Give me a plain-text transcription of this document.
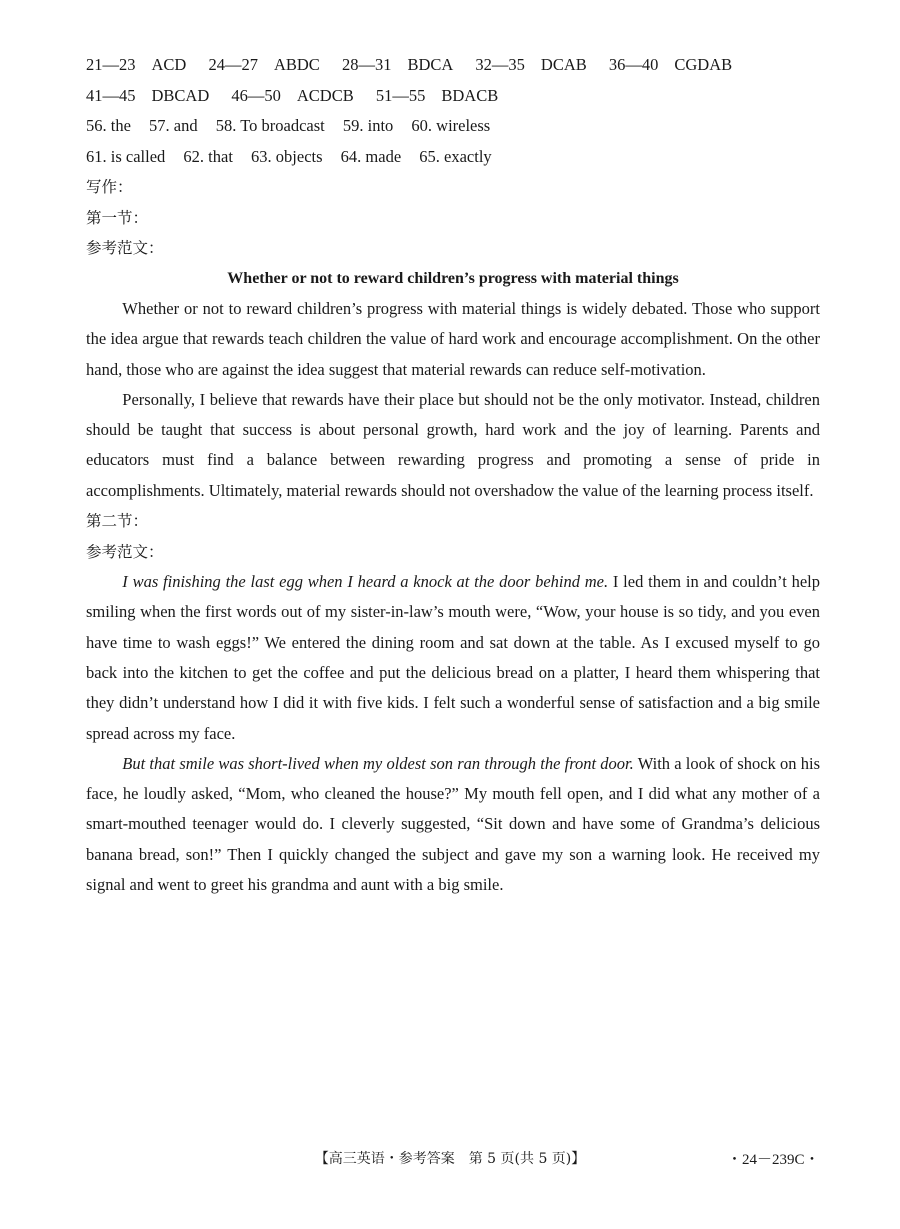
21—23 ACD 24—27 ABDC 28—31 BDCA 32—35 DCAB 36—40 CGDAB
41—45 DBCAD 46—50 ACDCB 51—55 BDACB
56. the 57. and 58. To broadcast 59. into 60. wireless
61. is called 62. that 63. objects 64. made 65. exactly
写作：
第一节：
参考范文：
Whether or not to reward children’s progress with material things

Whether or not to reward children’s progress with material things is widely debated. Those who support the idea argue that rewards teach children the value of hard work and encourage accomplishment. On the other hand, those who are against the idea suggest that material rewards can reduce self-motivation.

Personally, I believe that rewards have their place but should not be the only motivator. Instead, children should be taught that success is about personal growth, hard work and the joy of learning. Parents and educators must find a balance between rewarding progress and promoting a sense of pride in accomplishments. Ultimately, material rewards should not overshadow the value of the learning process itself.

第二节：
参考范文：

I was finishing the last egg when I heard a knock at the door behind me. I led them in and couldn’t help smiling when the first words out of my sister-in-law’s mouth were, “Wow, your house is so tidy, and you even have time to wash eggs!” We entered the dining room and sat down at the table. As I excused myself to go back into the kitchen to get the coffee and put the delicious bread on a platter, I heard them whispering that they didn’t understand how I did it with five kids. I felt such a wonderful sense of satisfaction and a big smile spread across my face.

But that smile was short-lived when my oldest son ran through the front door. With a look of shock on his face, he loudly asked, “Mom, who cleaned the house?” My mouth fell open, and I did what any mother of a smart-mouthed teenager would do. I cleverly suggested, “Sit down and have some of Grandma’s delicious banana bread, son!” Then I quickly changed the subject and gave my son a warning look. He received my signal and went to greet his grandma and aunt with a big smile.

【高三英语・参考答案　第 5 页(共 5 页)】	・24－239C・
